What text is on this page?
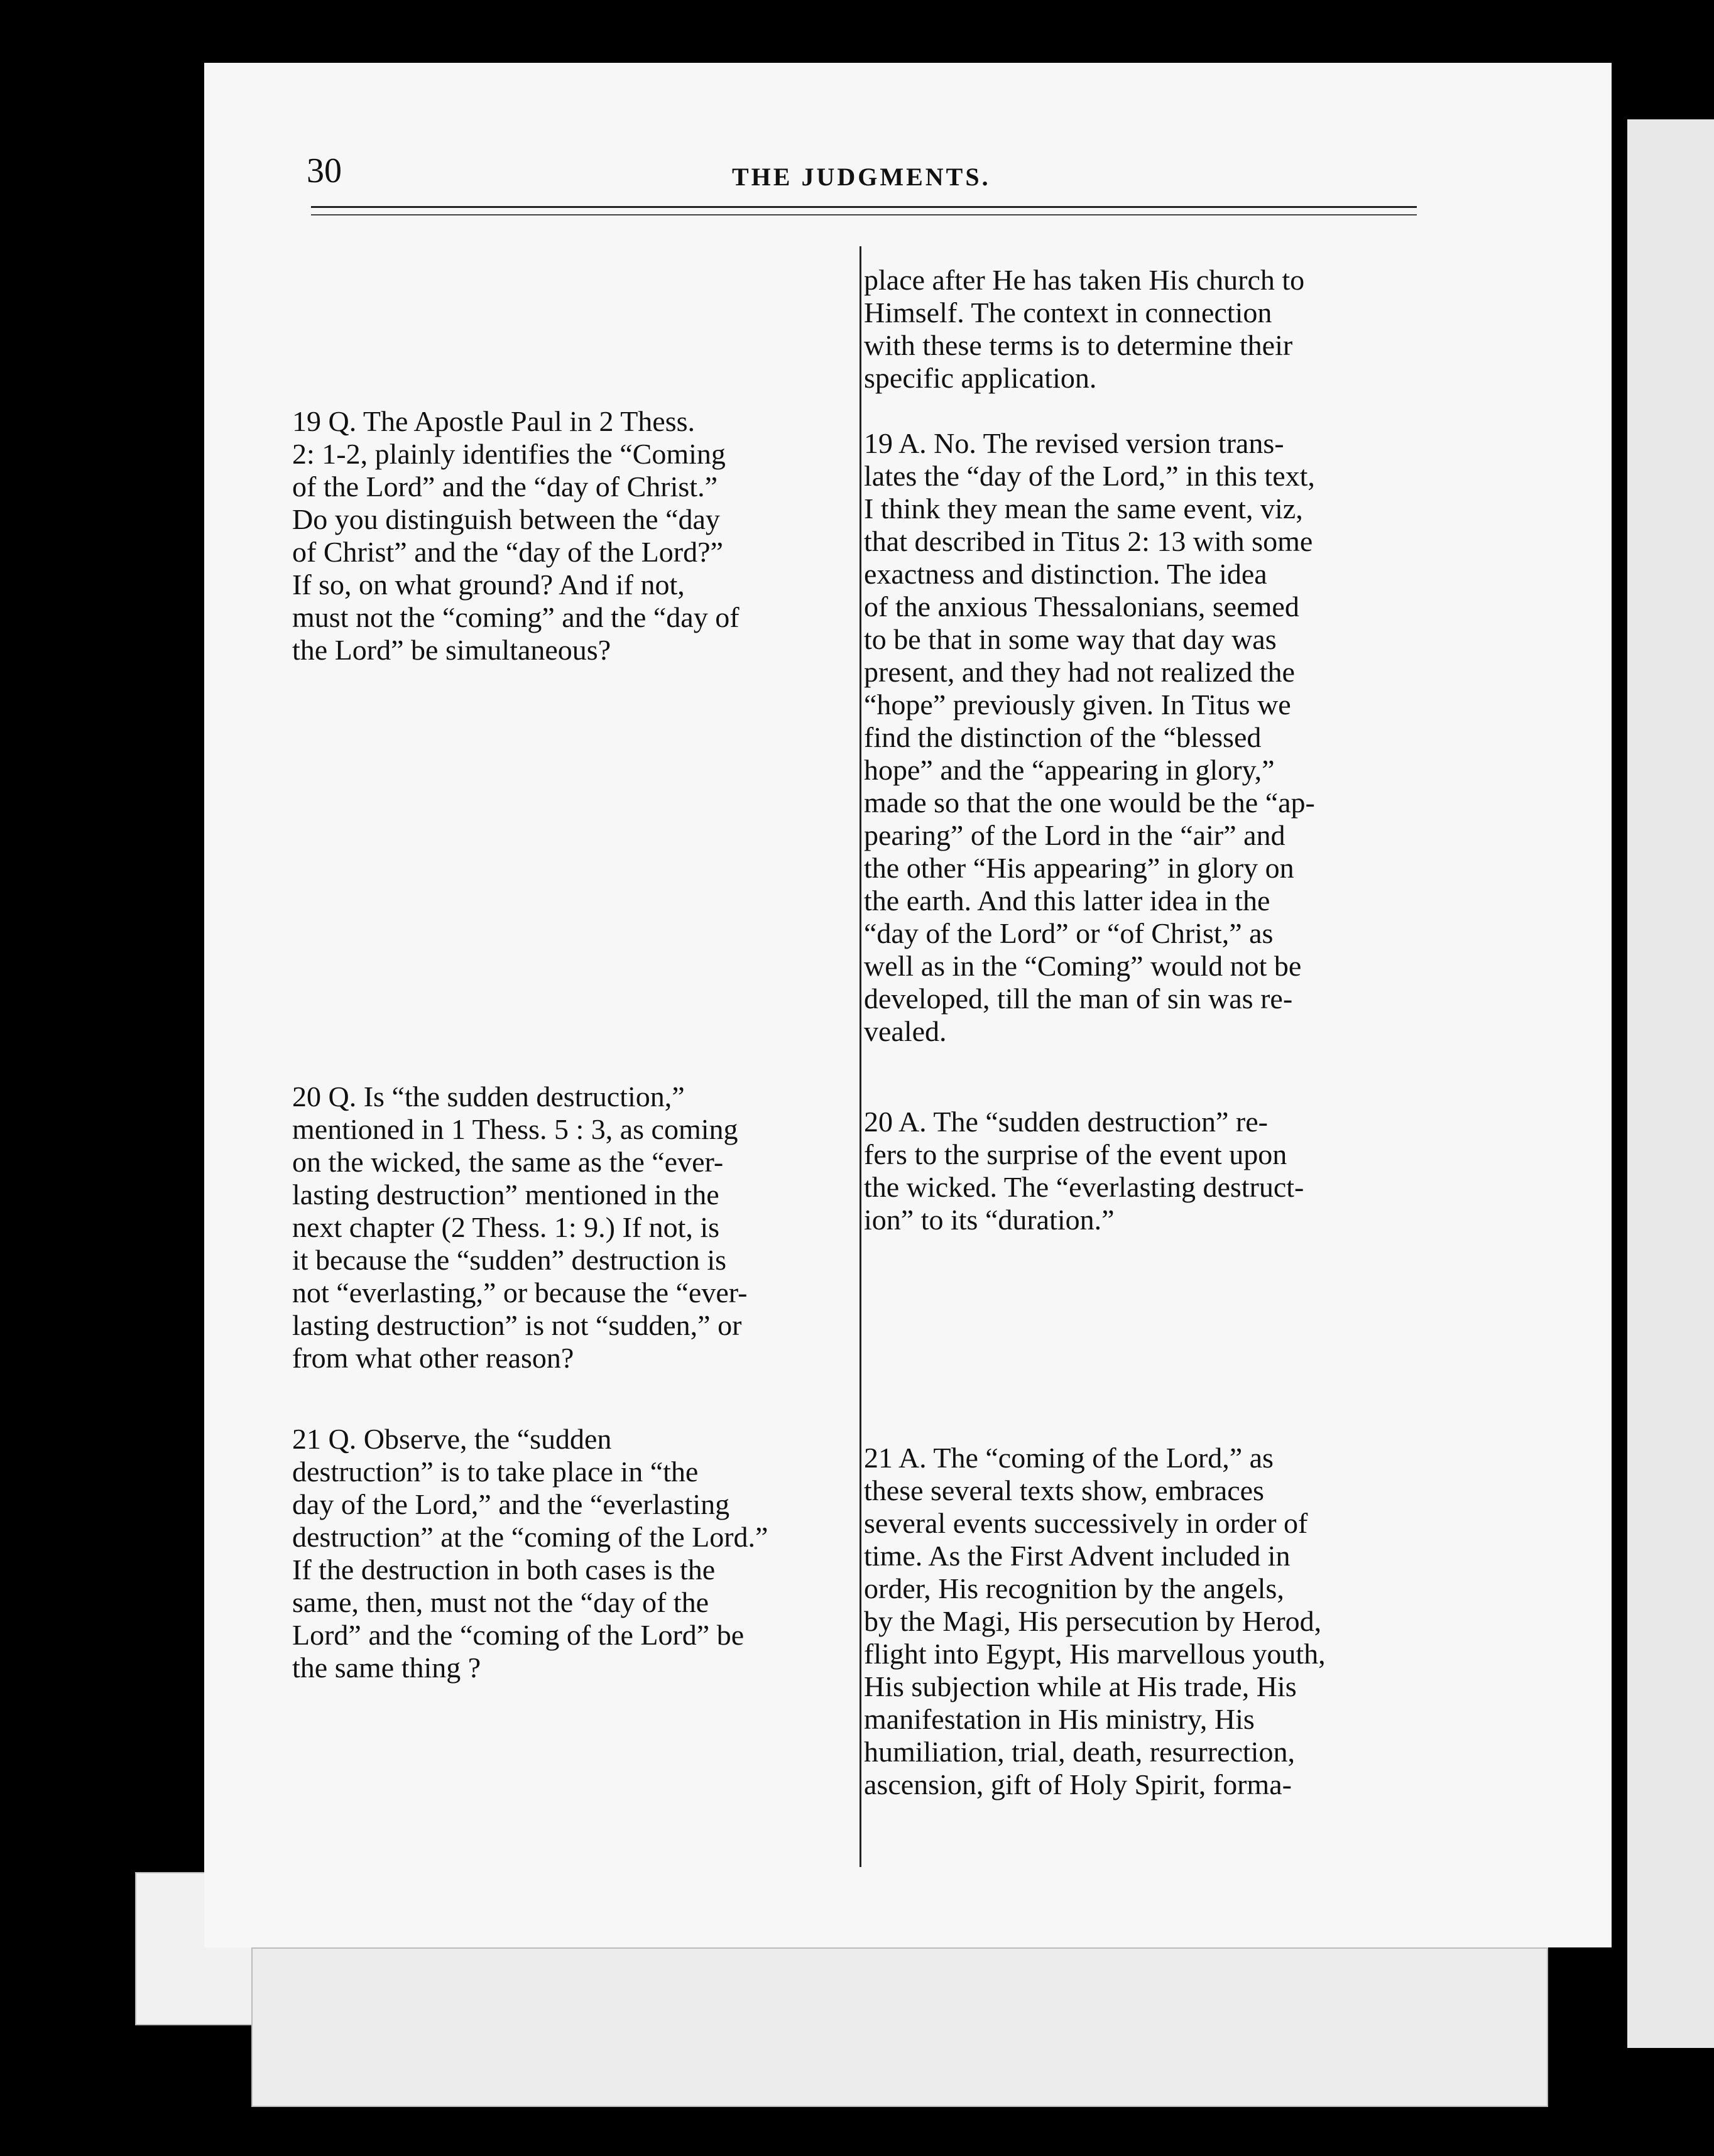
30	THE JUDGMENTS.
place after He has taken His church to
Himself. The context in connection
with these terms is to determine their
specific application.
19 Q. The Apostle Paul in 2 Thess.
2: 1-2, plainly identifies the “Coming
of the Lord” and the “day of Christ.”
Do you distinguish between the “day
of Christ” and the “day of the Lord?”
If so, on what ground? And if not,
must not the “coming” and the “day of
the Lord” be simultaneous?
19 A. No. The revised version trans-
lates the “day of the Lord,” in this text,
I think they mean the same event, viz,
that described in Titus 2: 13 with some
exactness and distinction. The idea
of the anxious Thessalonians, seemed
to be that in some way that day was
present, and they had not realized the
“hope” previously given. In Titus we
find the distinction of the “blessed
hope” and the “appearing in glory,”
made so that the one would be the “ap-
pearing” of the Lord in the “air” and
the other “His appearing” in glory on
the earth. And this latter idea in the
“day of the Lord” or “of Christ,” as
well as in the “Coming” would not be
developed, till the man of sin was re-
vealed.
20 Q. Is “the sudden destruction,”
mentioned in 1 Thess. 5 : 3, as coming
on the wicked, the same as the “ever-
lasting destruction” mentioned in the
next chapter (2 Thess. 1: 9.) If not, is
it because the “sudden” destruction is
not “everlasting,” or because the “ever-
lasting destruction” is not “sudden,” or
from what other reason?
20 A. The “sudden destruction” re-
fers to the surprise of the event upon
the wicked. The “everlasting destruct-
ion” to its “duration.”
21 Q. Observe, the “sudden
destruction” is to take place in “the
day of the Lord,” and the “everlasting
destruction” at the “coming of the Lord.”
If the destruction in both cases is the
same, then, must not the “day of the
Lord” and the “coming of the Lord” be
the same thing ?
21 A. The “coming of the Lord,” as
these several texts show, embraces
several events successively in order of
time. As the First Advent included in
order, His recognition by the angels,
by the Magi, His persecution by Herod,
flight into Egypt, His marvellous youth,
His subjection while at His trade, His
manifestation in His ministry, His
humiliation, trial, death, resurrection,
ascension, gift of Holy Spirit, forma-
